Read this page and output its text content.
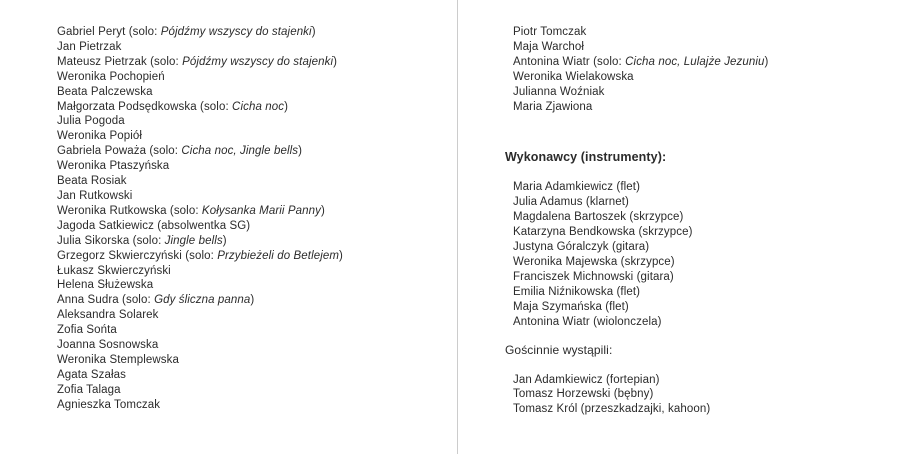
Gabriel Peryt (solo: Pójdźmy wszyscy do stajenki)
Jan Pietrzak
Mateusz Pietrzak (solo: Pójdźmy wszyscy do stajenki)
Weronika Pochopień
Beata Palczewska
Małgorzata Podsędkowska (solo: Cicha noc)
Julia Pogoda
Weronika Popiół
Gabriela Poważa (solo: Cicha noc, Jingle bells)
Weronika Ptaszyńska
Beata Rosiak
Jan Rutkowski
Weronika Rutkowska (solo: Kołysanka Marii Panny)
Jagoda Satkiewicz (absolwentka SG)
Julia Sikorska (solo: Jingle bells)
Grzegorz Skwierczyński (solo: Przybieżeli do Betlejem)
Łukasz Skwierczyński
Helena Służewska
Anna Sudra (solo: Gdy śliczna panna)
Aleksandra Solarek
Zofia Sońta
Joanna Sosnowska
Weronika Stemplewska
Agata Szałas
Zofia Talaga
Agnieszka Tomczak
Piotr Tomczak
Maja Warchoł
Antonina Wiatr (solo: Cicha noc, Lulajże Jezuniu)
Weronika Wielakowska
Julianna Woźniak
Maria Zjawiona
Wykonawcy (instrumenty):
Maria Adamkiewicz (flet)
Julia Adamus (klarnet)
Magdalena Bartoszek (skrzypce)
Katarzyna Bendkowska (skrzypce)
Justyna Góralczyk (gitara)
Weronika Majewska (skrzypce)
Franciszek Michnowski (gitara)
Emilia Niźnikowska (flet)
Maja Szymańska (flet)
Antonina Wiatr (wiolonczela)
Gościnnie wystąpili:
Jan Adamkiewicz (fortepian)
Tomasz Horzewski (bębny)
Tomasz Król (przeszkadzajki, kahoon)
